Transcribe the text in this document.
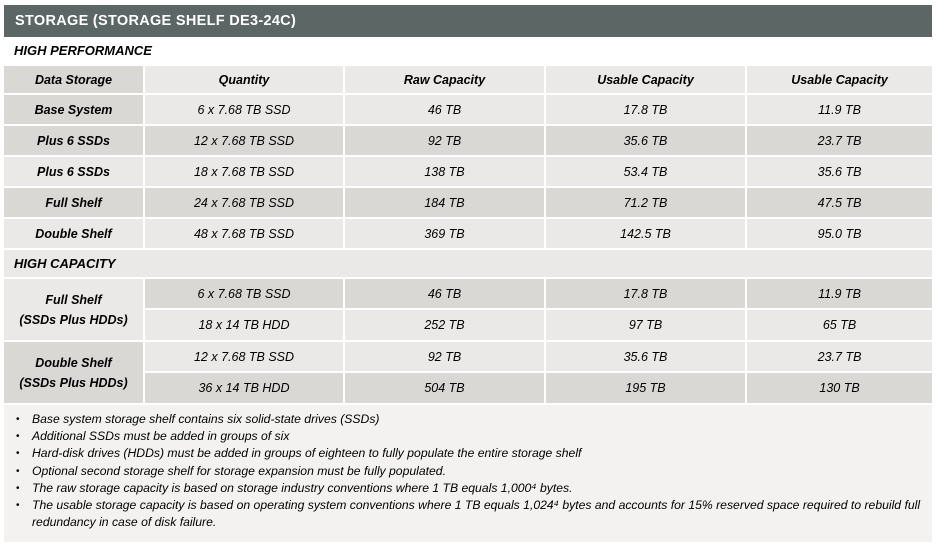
STORAGE (STORAGE SHELF DE3-24C)
HIGH PERFORMANCE				
Data Storage	Quantity	Raw Capacity	Usable Capacity	Usable Capacity
Base System	6 x 7.68 TB SSD	46 TB	17.8 TB	11.9 TB
Plus 6 SSDs	12 x 7.68 TB SSD	92 TB	35.6 TB	23.7 TB
Plus 6 SSDs	18 x 7.68 TB SSD	138 TB	53.4 TB	35.6 TB
Full Shelf	24 x 7.68 TB SSD	184 TB	71.2 TB	47.5 TB
Double Shelf	48 x 7.68 TB SSD	369 TB	142.5 TB	95.0 TB
HIGH CAPACITY				

Full Shelf
(SSDs Plus HDDs)	6 x 7.68 TB SSD	46 TB	17.8 TB	11.9 TB
	18 x 14 TB HDD	252 TB	97 TB	65 TB

Double Shelf
(SSDs Plus HDDs)	12 x 7.68 TB SSD	92 TB	35.6 TB	23.7 TB
	36 x 14 TB HDD	504 TB	195 TB	130 TB
• Base system storage shelf contains six solid-state drives (SSDs)
• Additional SSDs must be added in groups of six
• Hard-disk drives (HDDs) must be added in groups of eighteen to fully populate the entire storage shelf
• Optional second storage shelf for storage expansion must be fully populated.
• The raw storage capacity is based on storage industry conventions where 1 TB equals 1,000⁴ bytes.
• The usable storage capacity is based on operating system conventions where 1 TB equals 1,024⁴ bytes and accounts for 15% reserved space required to rebuild full redundancy in case of disk failure.
